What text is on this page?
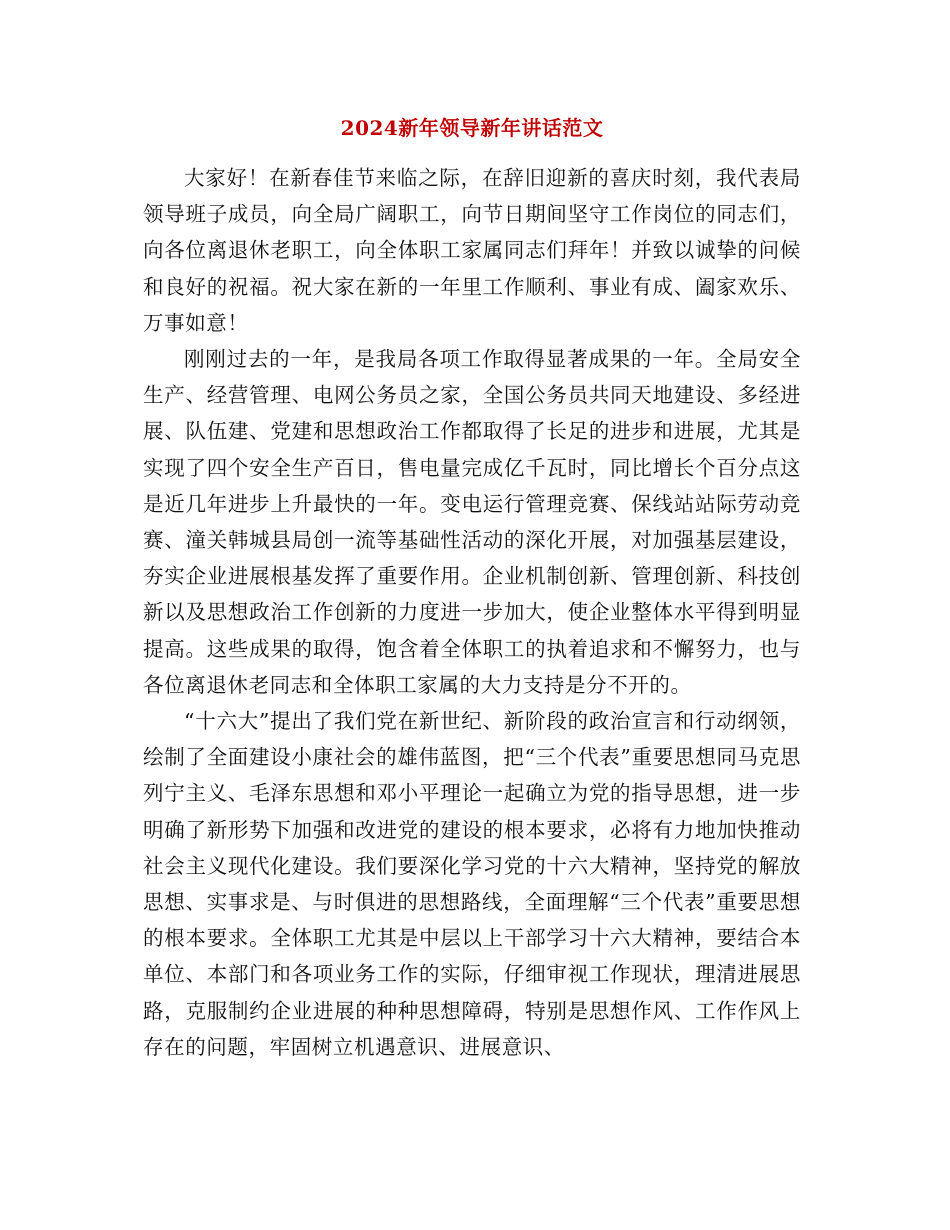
2024新年领导新年讲话范文

大家好！在新春佳节来临之际，在辞旧迎新的喜庆时刻，我代表局领导班子成员，向全局广阔职工，向节日期间坚守工作岗位的同志们，向各位离退休老职工，向全体职工家属同志们拜年！并致以诚挚的问候和良好的祝福。祝大家在新的一年里工作顺利、事业有成、阖家欢乐、万事如意！

刚刚过去的一年，是我局各项工作取得显著成果的一年。全局安全生产、经营管理、电网公务员之家，全国公务员共同天地建设、多经进展、队伍建、党建和思想政治工作都取得了长足的进步和进展，尤其是实现了四个安全生产百日，售电量完成亿千瓦时，同比增长个百分点这是近几年进步上升最快的一年。变电运行管理竞赛、保线站站际劳动竞赛、潼关韩城县局创一流等基础性活动的深化开展，对加强基层建设，夯实企业进展根基发挥了重要作用。企业机制创新、管理创新、科技创新以及思想政治工作创新的力度进一步加大，使企业整体水平得到明显提高。这些成果的取得，饱含着全体职工的执着追求和不懈努力，也与各位离退休老同志和全体职工家属的大力支持是分不开的。

“十六大”提出了我们党在新世纪、新阶段的政治宣言和行动纲领，绘制了全面建设小康社会的雄伟蓝图，把“三个代表”重要思想同马克思列宁主义、毛泽东思想和邓小平理论一起确立为党的指导思想，进一步明确了新形势下加强和改进党的建设的根本要求，必将有力地加快推动社会主义现代化建设。我们要深化学习党的十六大精神，坚持党的解放思想、实事求是、与时俱进的思想路线，全面理解“三个代表”重要思想的根本要求。全体职工尤其是中层以上干部学习十六大精神，要结合本单位、本部门和各项业务工作的实际，仔细审视工作现状，理清进展思路，克服制约企业进展的种种思想障碍，特别是思想作风、工作作风上存在的问题，牢固树立机遇意识、进展意识、
